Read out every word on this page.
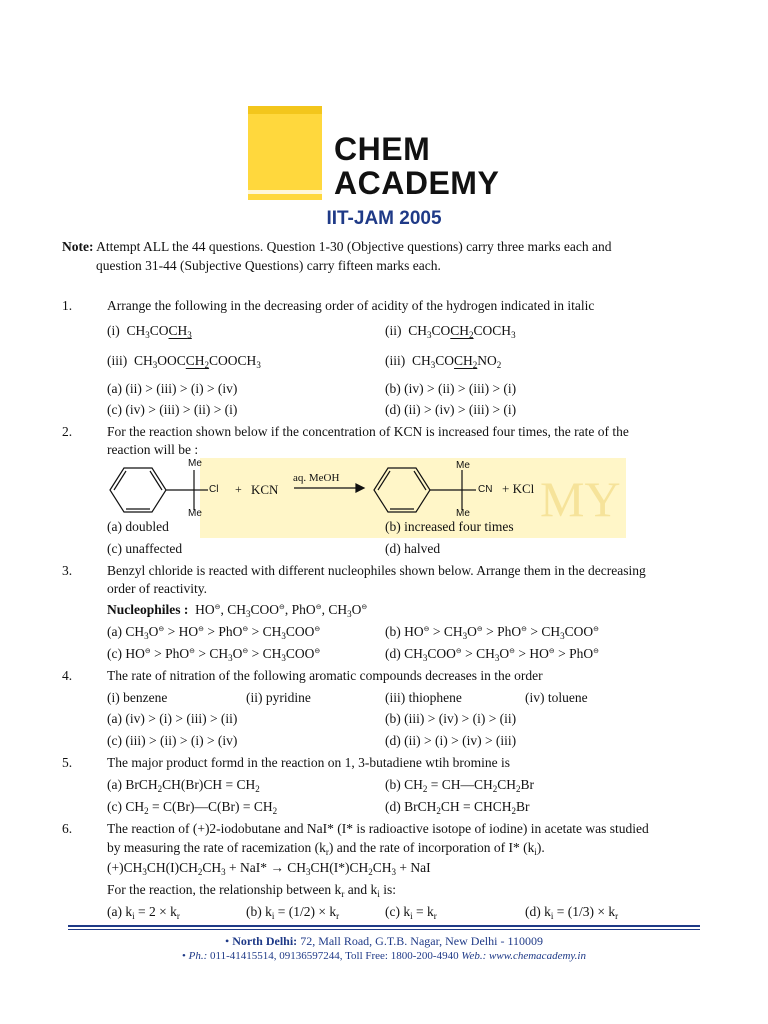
CHEM
ACADEMY
IIT-JAM 2005
Note: Attempt ALL the 44 questions. Question 1-30 (Objective questions) carry three marks each and
question 31-44 (Subjective Questions) carry fifteen marks each.
1.	Arrange the following in the decreasing order of acidity of the hydrogen indicated in italic
(i)  $CH_3COCH_3$	(ii)  $CH_3COCH_2COCH_3$
(iii)  $CH_3OOCCH_2COOCH_3$	(iii)  $CH_3COCH_2NO_2$
(a) (ii) > (iii) > (i) > (iv)	(b) (iv) > (ii) > (iii) > (i)
(c) (iv) > (iii) > (ii) > (i)	(d) (ii) > (iv) > (iii) > (i)
2.	For the reaction shown below if the concentration of KCN is increased four times, the rate of the
reaction will be :
MY
Me
Me
Cl + KCN
aq. MeOH
Me
Me
CN + KCl
(a) doubled	(b) increased four times
(c) unaffected	(d) halved
3.	Benzyl chloride is reacted with different nucleophiles shown below. Arrange them in the decreasing
order of reactivity.
Nucleophiles :  HO⊖, $CH_3COO^⊖$, PhO⊖, $CH_3O^⊖$
(a) $CH_3O^⊖ > HO^⊖ > PhO^⊖ > CH_3COO^⊖$	(b) $HO^⊖ > CH_3O^⊖ > PhO^⊖ > CH_3COO^⊖$
(c) $HO^⊖ > PhO^⊖ > CH_3O^⊖ > CH_3COO^⊖$	(d) $CH_3COO^⊖ > CH_3O^⊖ > HO^⊖ > PhO^⊖$
4.	The rate of nitration of the following aromatic compounds decreases in the order
(i) benzene	(ii) pyridine	(iii) thiophene	(iv) toluene
(a) (iv) > (i) > (iii) > (ii)	(b) (iii) > (iv) > (i) > (ii)
(c) (iii) > (ii) > (i) > (iv)	(d) (ii) > (i) > (iv) > (iii)
5.	The major product formd in the reaction on 1, 3-butadiene wtih bromine is
(a) BrCH$_2$CH(Br)CH = $CH_2$	(b) $CH_2$ = $CH—CH_2CH_2Br$
(c) $CH_2$ = C(Br)—C(Br) = $CH_2$	(d) BrCH$_2$CH = $CHCH_2Br$
6.	The reaction of (+)2-iodobutane and NaI* (I* is radioactive isotope of iodine) in acetate was studied
by measuring the rate of racemization $(k_r)$ and the rate of incorporation of I* $(k_i)$.
$(+)CH_3CH(I)CH_2CH_3 + NaI* \to CH_3CH(I*)CH_2CH_3$ + NaI
For the reaction, the relationship between $k_r$ and $k_i$ is:
(a) $k_i = 2 \times k_r$	(b) $k_i = (1/2) \times k_r$	(c) $k_i = k_r$	(d) $k_i = (1/3) \times k_r$
• North Delhi: 72, Mall Road, G.T.B. Nagar, New Delhi - 110009
• Ph.: 011-41415514, 09136597244, Toll Free: 1800-200-4940 Web.: www.chemacademy.in
